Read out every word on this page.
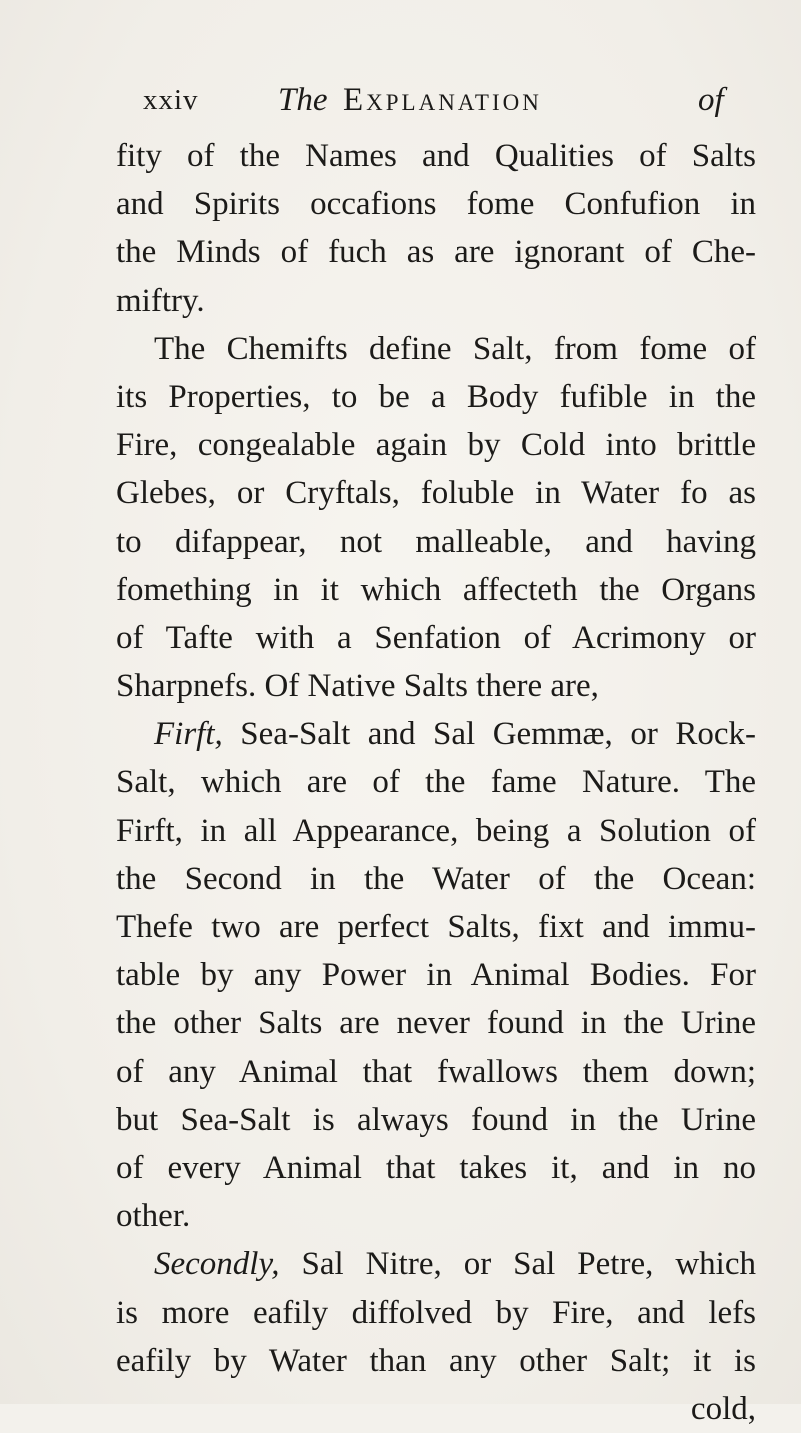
xxiv The Explanation	of
fity of the Names and Qualities of Salts
and Spirits occafions fome Confufion in
the Minds of fuch as are ignorant of Che-
miftry.
The Chemifts define Salt, from fome of
its Properties, to be a Body fufible in the
Fire, congealable again by Cold into brittle
Glebes, or Cryftals, foluble in Water fo as
to difappear, not malleable, and having
fomething in it which affecteth the Organs
of Tafte with a Senfation of Acrimony or
Sharpnefs. Of Native Salts there are,
Firft, Sea-Salt and Sal Gemmæ, or Rock-
Salt, which are of the fame Nature. The
Firft, in all Appearance, being a Solution of
the Second in the Water of the Ocean:
Thefe two are perfect Salts, fixt and immu-
table by any Power in Animal Bodies. For
the other Salts are never found in the Urine
of any Animal that fwallows them down;
but Sea-Salt is always found in the Urine
of every Animal that takes it, and in no
other.
Secondly, Sal Nitre, or Sal Petre, which
is more eafily diffolved by Fire, and lefs
eafily by Water than any other Salt; it is
cold,
